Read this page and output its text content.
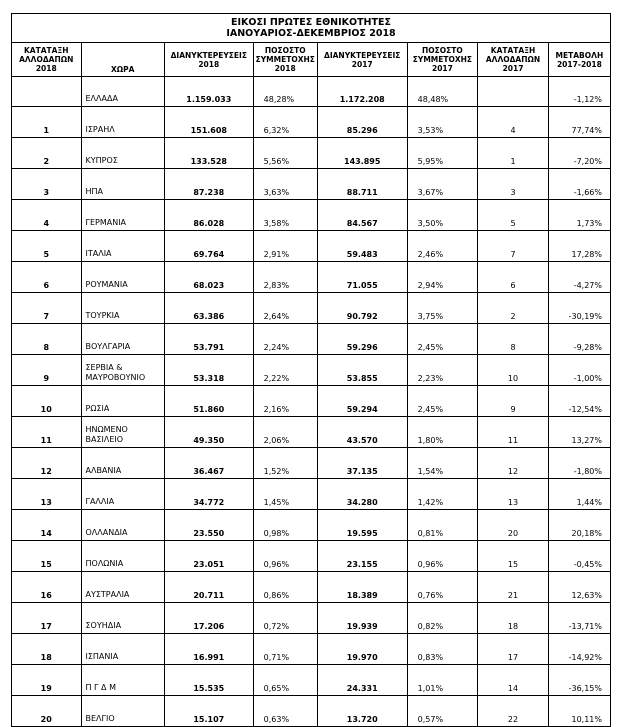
ΕΙΚΟΣΙ ΠΡΩΤΕΣ ΕΘΝΙΚΟΤΗΤΕΣ
ΙΑΝΟΥΑΡΙΟΣ-ΔΕΚΕΜΒΡΙΟΣ 2018							
ΚΑΤΑΤΑΞΗ ΑΛΛΟΔΑΠΩΝ 2018	ΧΩΡΑ	ΔΙΑΝΥΚΤΕΡΕΥΣΕΙΣ 2018	ΠΟΣΟΣΤΟ ΣΥΜΜΕΤΟΧΗΣ 2018	ΔΙΑΝΥΚΤΕΡΕΥΣΕΙΣ 2017	ΠΟΣΟΣΤΟ ΣΥΜΜΕΤΟΧΗΣ 2017	ΚΑΤΑΤΑΞΗ ΑΛΛΟΔΑΠΩΝ 2017	ΜΕΤΑΒΟΛΗ 2017-2018
	ΕΛΛΑΔΑ	1.159.033	48,28%	1.172.208	48,48%		-1,12%
1	ΙΣΡΑΗΛ	151.608	6,32%	85.296	3,53%	4	77,74%
2	ΚΥΠΡΟΣ	133.528	5,56%	143.895	5,95%	1	-7,20%
3	ΗΠΑ	87.238	3,63%	88.711	3,67%	3	-1,66%
4	ΓΕΡΜΑΝΙΑ	86.028	3,58%	84.567	3,50%	5	1,73%
5	ΙΤΑΛΙΑ	69.764	2,91%	59.483	2,46%	7	17,28%
6	ΡΟΥΜΑΝΙΑ	68.023	2,83%	71.055	2,94%	6	-4,27%
7	ΤΟΥΡΚΙΑ	63.386	2,64%	90.792	3,75%	2	-30,19%
8	ΒΟΥΛΓΑΡΙΑ	53.791	2,24%	59.296	2,45%	8	-9,28%
9	ΣΕΡΒΙΑ & ΜΑΥΡΟΒΟΥΝΙΟ	53.318	2,22%	53.855	2,23%	10	-1,00%
10	ΡΩΣΙΑ	51.860	2,16%	59.294	2,45%	9	-12,54%
11	ΗΝΩΜΕΝΟ ΒΑΣΙΛΕΙΟ	49.350	2,06%	43.570	1,80%	11	13,27%
12	ΑΛΒΑΝΙΑ	36.467	1,52%	37.135	1,54%	12	-1,80%
13	ΓΑΛΛΙΑ	34.772	1,45%	34.280	1,42%	13	1,44%
14	ΟΛΛΑΝΔΙΑ	23.550	0,98%	19.595	0,81%	20	20,18%
15	ΠΟΛΩΝΙΑ	23.051	0,96%	23.155	0,96%	15	-0,45%
16	ΑΥΣΤΡΑΛΙΑ	20.711	0,86%	18.389	0,76%	21	12,63%
17	ΣΟΥΗΔΙΑ	17.206	0,72%	19.939	0,82%	18	-13,71%
18	ΙΣΠΑΝΙΑ	16.991	0,71%	19.970	0,83%	17	-14,92%
19	Π Γ Δ Μ	15.535	0,65%	24.331	1,01%	14	-36,15%
20	ΒΕΛΓΙΟ	15.107	0,63%	13.720	0,57%	22	10,11%
